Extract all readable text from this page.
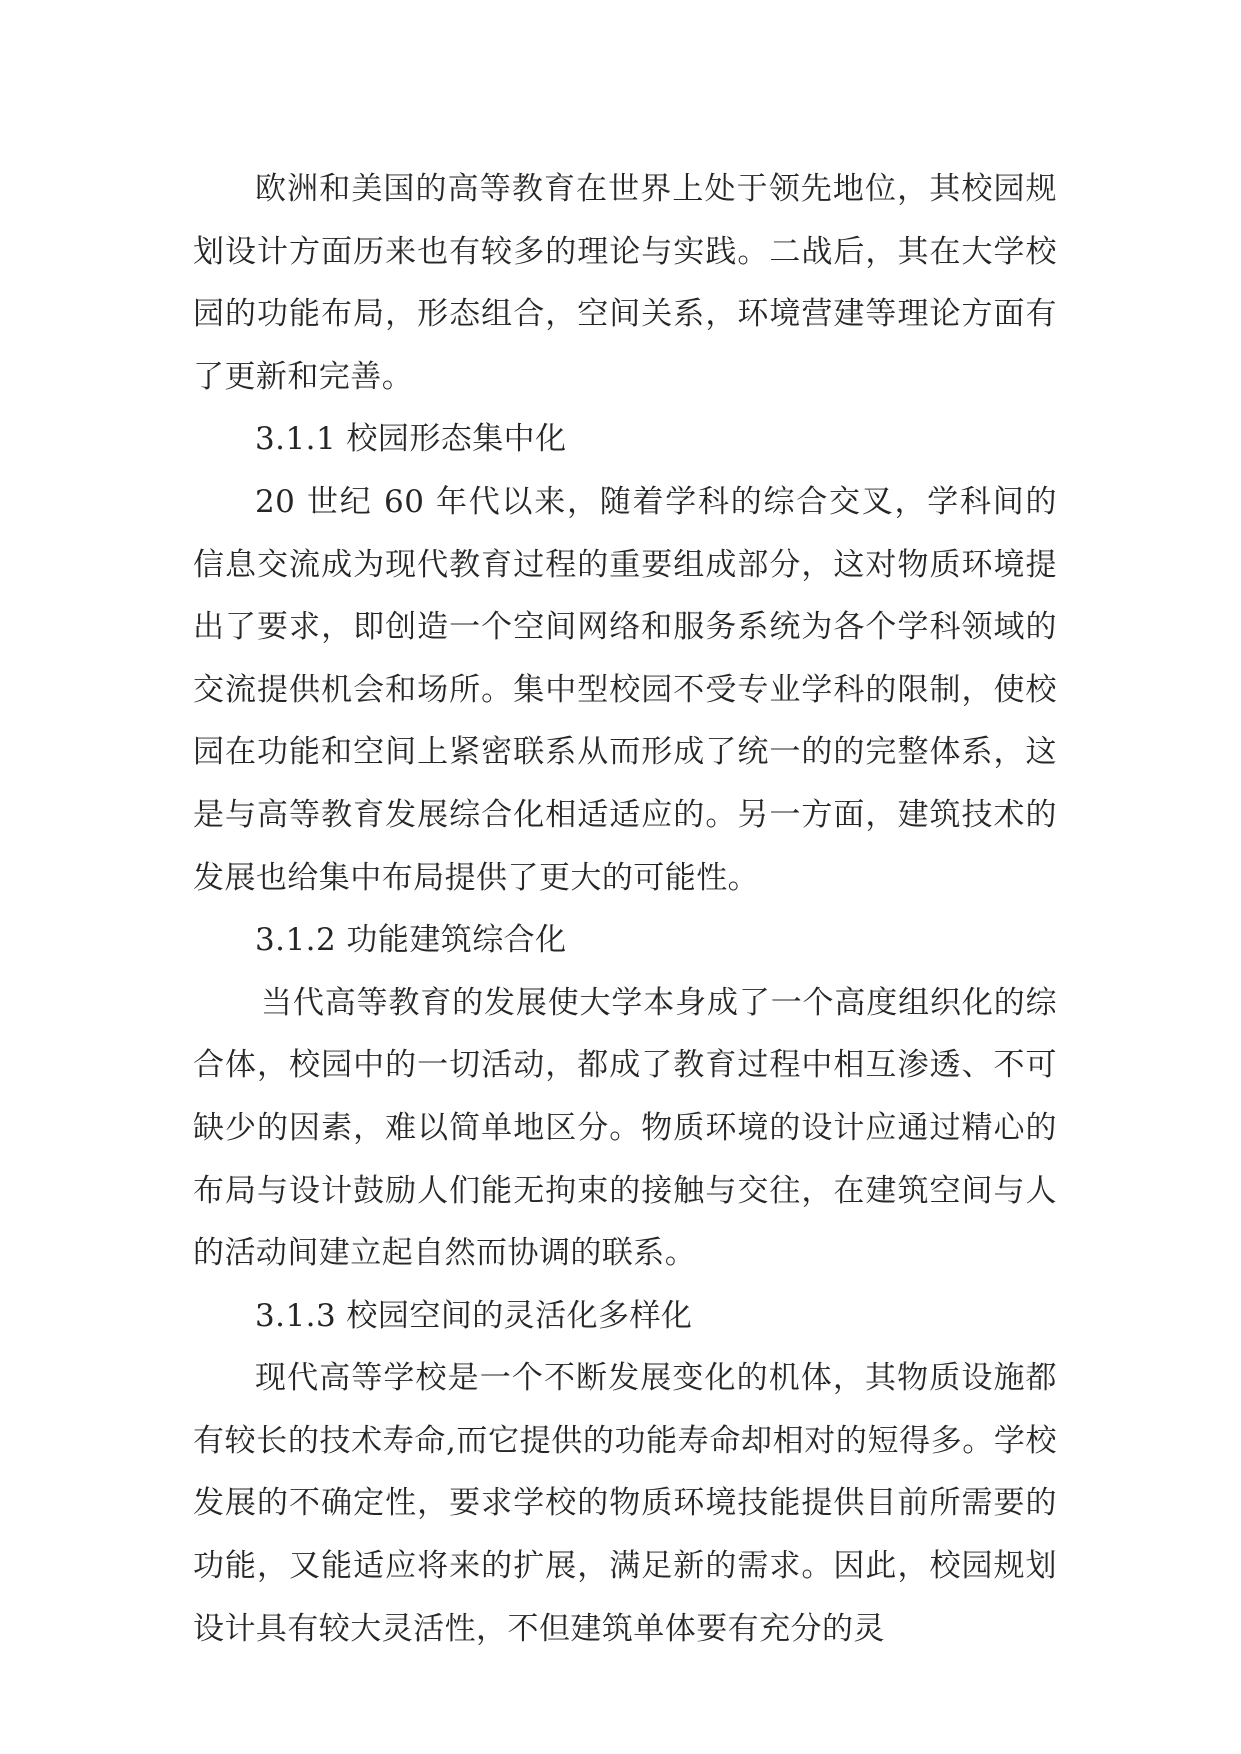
欧洲和美国的高等教育在世界上处于领先地位，其校园规划设计方面历来也有较多的理论与实践。二战后，其在大学校园的功能布局，形态组合，空间关系，环境营建等理论方面有了更新和完善。

3.1.1 校园形态集中化

20 世纪 60 年代以来，随着学科的综合交叉，学科间的信息交流成为现代教育过程的重要组成部分，这对物质环境提出了要求，即创造一个空间网络和服务系统为各个学科领域的交流提供机会和场所。集中型校园不受专业学科的限制，使校园在功能和空间上紧密联系从而形成了统一的的完整体系，这是与高等教育发展综合化相适适应的。另一方面，建筑技术的发展也给集中布局提供了更大的可能性。

3.1.2 功能建筑综合化

当代高等教育的发展使大学本身成了一个高度组织化的综合体，校园中的一切活动，都成了教育过程中相互渗透、不可缺少的因素，难以简单地区分。物质环境的设计应通过精心的布局与设计鼓励人们能无拘束的接触与交往，在建筑空间与人的活动间建立起自然而协调的联系。

3.1.3 校园空间的灵活化多样化

现代高等学校是一个不断发展变化的机体，其物质设施都有较长的技术寿命,而它提供的功能寿命却相对的短得多。学校发展的不确定性，要求学校的物质环境技能提供目前所需要的功能，又能适应将来的扩展，满足新的需求。因此，校园规划设计具有较大灵活性，不但建筑单体要有充分的灵
